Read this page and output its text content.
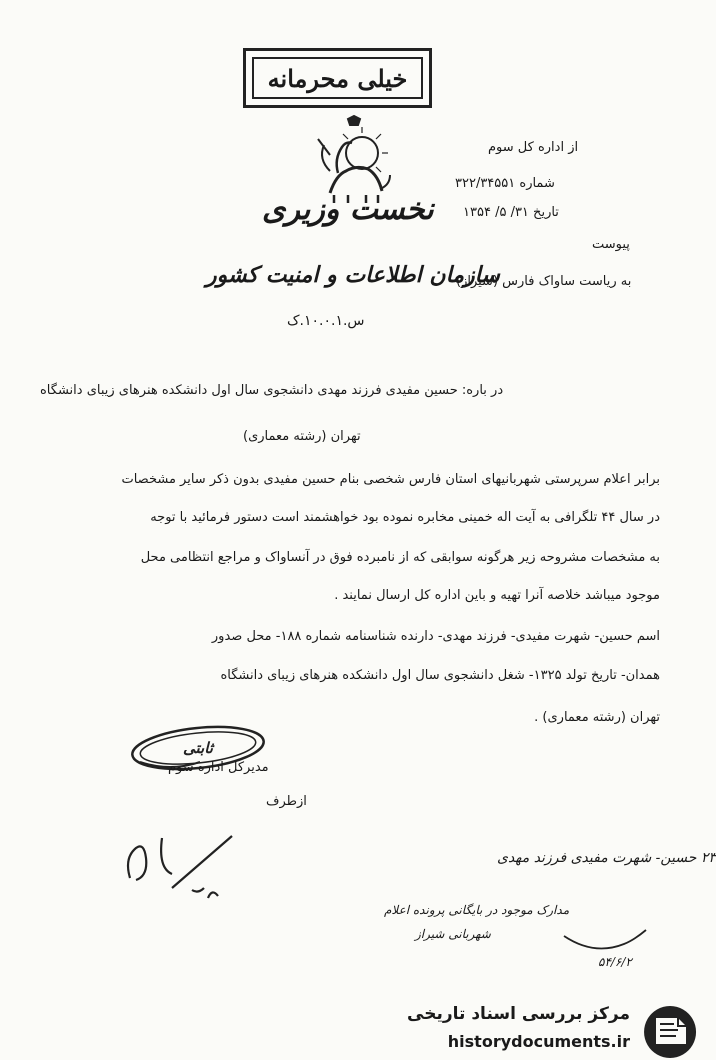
خیلی محرمانه
نخست وزیری
سازمان اطلاعات و امنیت کشور
س.۱۰.۰.۱.ک
از اداره کل سوم
شماره ۳۲۲/۳۴۵۵۱
تاریخ ۳۱/ ۵/ ۱۳۵۴
پیوست
به ریاست ساواک فارس (شیراز)
در باره: حسین مفیدی فرزند مهدی دانشجوی سال اول دانشکده هنرهای زیبای دانشگاه
تهران (رشته معماری)
برابر اعلام سرپرستی شهربانیهای استان فارس شخصی بنام حسین مفیدی بدون ذکر سایر مشخصات
در سال ۴۴ تلگرافی به آیت اله خمینی مخابره نموده بود خواهشمند است دستور فرمائید با توجه
به مشخصات مشروحه زیر هرگونه سوابقی که از نامبرده فوق در آنساواک و مراجع انتظامی محل
موجود میباشد خلاصه آنرا تهیه و باین اداره کل ارسال نمایند .
اسم حسین- شهرت مفیدی- فرزند مهدی- دارنده شناسنامه شماره ۱۸۸- محل صدور
همدان- تاریخ تولد ۱۳۲۵- شغل دانشجوی سال اول دانشکده هنرهای زیبای دانشگاه
تهران (رشته معماری) .
ثابتی
مدیرکل اداره سوم
ازطرف
۲۳ حسین- شهرت مفیدی فرزند مهدی
مدارک موجود در بایگانی پرونده اعلام
شهربانی شیراز
۵۴/۶/۲
مرکز بررسی اسناد تاریخی
historydocuments.ir
